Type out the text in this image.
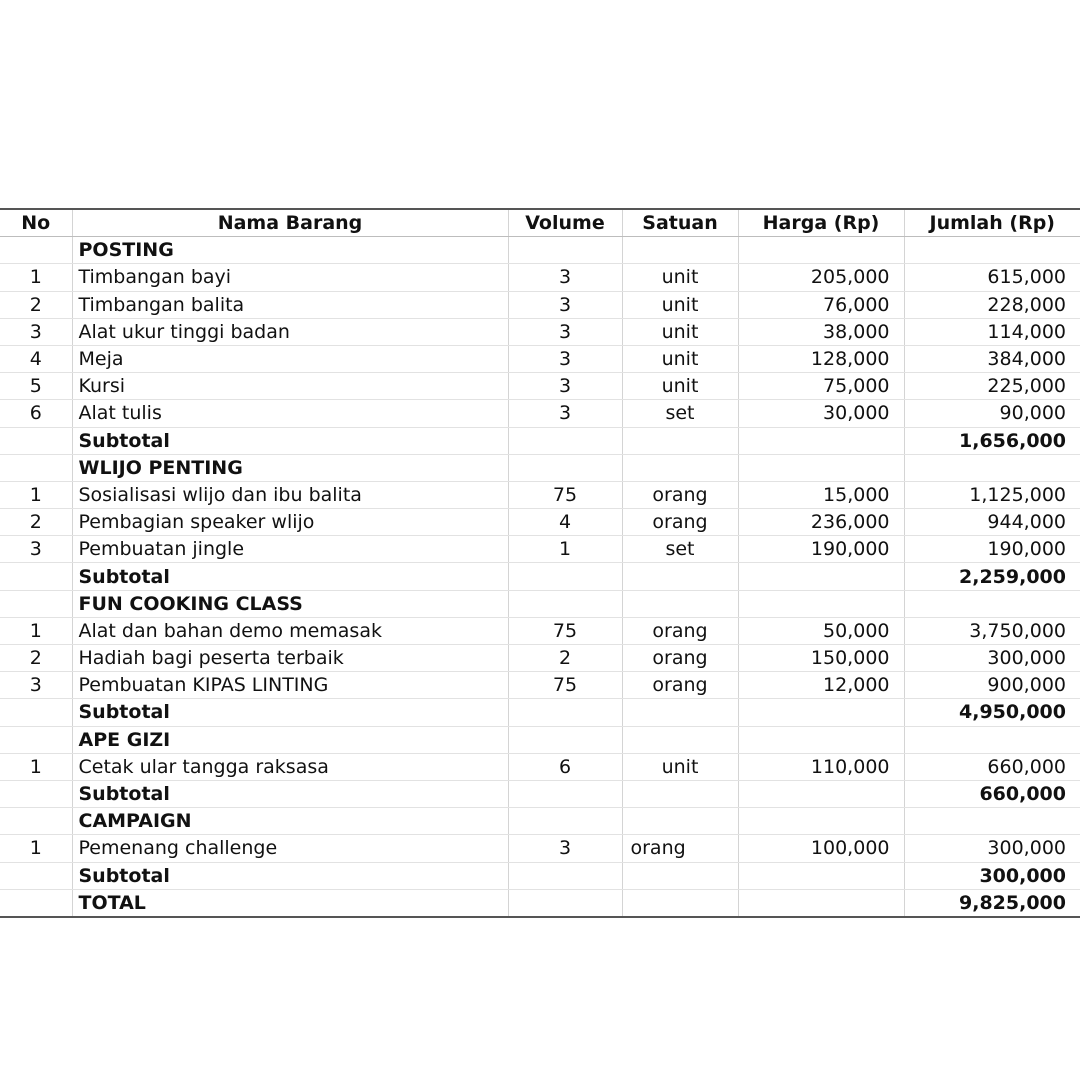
No	Nama Barang	Volume	Satuan	Harga (Rp)	Jumlah (Rp)
	POSTING				
1	Timbangan bayi	3	unit	205,000	615,000
2	Timbangan balita	3	unit	76,000	228,000
3	Alat ukur tinggi badan	3	unit	38,000	114,000
4	Meja	3	unit	128,000	384,000
5	Kursi	3	unit	75,000	225,000
6	Alat tulis	3	set	30,000	90,000
	Subtotal				1,656,000
	WLIJO PENTING				
1	Sosialisasi wlijo dan ibu balita	75	orang	15,000	1,125,000
2	Pembagian speaker wlijo	4	orang	236,000	944,000
3	Pembuatan jingle	1	set	190,000	190,000
	Subtotal				2,259,000
	FUN COOKING CLASS				
1	Alat dan bahan demo memasak	75	orang	50,000	3,750,000
2	Hadiah bagi peserta terbaik	2	orang	150,000	300,000
3	Pembuatan KIPAS LINTING	75	orang	12,000	900,000
	Subtotal				4,950,000
	APE GIZI				
1	Cetak ular tangga raksasa	6	unit	110,000	660,000
	Subtotal				660,000
	CAMPAIGN				
1	Pemenang challenge	3	orang	100,000	300,000
	Subtotal				300,000
	TOTAL				9,825,000
